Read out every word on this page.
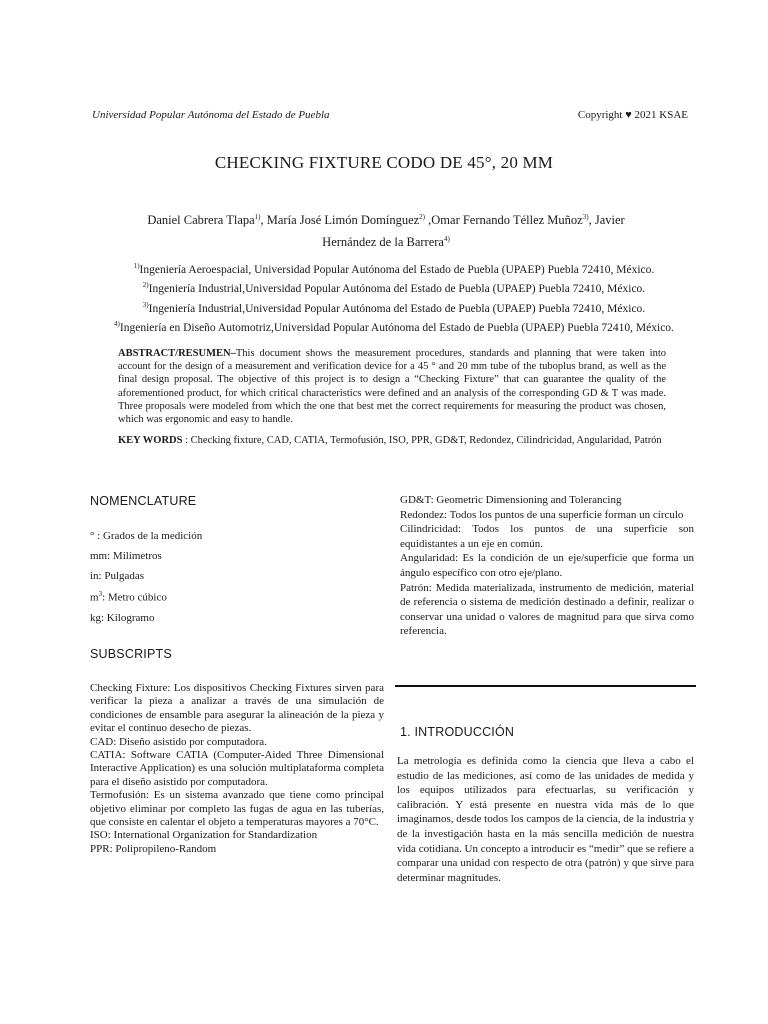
Universidad Popular Autónoma del Estado de Puebla	Copyright ♥ 2021 KSAE
CHECKING FIXTURE CODO DE 45°, 20 MM
Daniel Cabrera Tlapa$^{1)}$, María José Limón Domínguez$^{2)}$ ,Omar Fernando Téllez Muñoz$^{3)}$, Javier
Hernández de la Barrera$^{4)}$
$^{1)}$Ingeniería Aeroespacial, Universidad Popular Autónoma del Estado de Puebla (UPAEP) Puebla 72410, México.
$^{2)}$Ingeniería Industrial,Universidad Popular Autónoma del Estado de Puebla (UPAEP) Puebla 72410, México.
$^{3)}$Ingeniería Industrial,Universidad Popular Autónoma del Estado de Puebla (UPAEP) Puebla 72410, México.
$^{4)}$Ingeniería en Diseño Automotriz,Universidad Popular Autónoma del Estado de Puebla (UPAEP) Puebla 72410, México.
ABSTRACT/RESUMEN–This document shows the measurement procedures, standards and planning that were taken into account for the design of a measurement and verification device for a 45 ° and 20 mm tube of the tuboplus brand, as well as the final design proposal. The objective of this project is to design a “Checking Fixture” that can guarantee the quality of the aforementioned product, for which critical characteristics were defined and an analysis of the corresponding GD & T was made. Three proposals were modeled from which the one that best met the correct requirements for measuring the product was chosen, which was ergonomic and easy to handle.
KEY WORDS : Checking fixture, CAD, CATIA, Termofusión, ISO, PPR, GD&T, Redondez, Cilindricidad, Angularidad, Patrón
NOMENCLATURE
° : Grados de la medición
mm: Milímetros
in: Pulgadas
$m^3$: Metro cúbico
kg: Kilogramo
SUBSCRIPTS

Checking Fixture: Los dispositivos Checking Fixtures sirven para verificar la pieza a analizar a través de una simulación de condiciones de ensamble para asegurar la alineación de la pieza y evitar el continuo desecho de piezas.

CAD: Diseño asistido por computadora.

CATIA: Software CATIA (Computer-Aided Three Dimensional Interactive Application) es una solución multiplataforma completa para el diseño asistido por computadora.

Termofusión: Es un sistema avanzado que tiene como principal objetivo eliminar por completo las fugas de agua en las tuberías, que consiste en calentar el objeto a temperaturas mayores a 70°C.

ISO: International Organization for Standardization

PPR: Polipropileno-Random

GD&T: Geometric Dimensioning and Tolerancing

Redondez: Todos los puntos de una superficie forman un círculo

Cilindricidad: Todos los puntos de una superficie son equidistantes a un eje en común.

Angularidad: Es la condición de un eje/superficie que forma un ángulo específico con otro eje/plano.

Patrón: Medida materializada, instrumento de medición, material de referencia o sistema de medición destinado a definir, realizar o conservar una unidad o valores de magnitud para que sirva como referencia.

1. INTRODUCCIÓN
La metrología es definida como la ciencia que lleva a cabo el estudio de las mediciones, así como de las unidades de medida y los equipos utilizados para efectuarlas, su verificación y calibración. Y está presente en nuestra vida más de lo que imaginamos, desde todos los campos de la ciencia, de la industria y de la investigación hasta en la más sencilla medición de nuestra vida cotidiana. Un concepto a introducir es “medir” que se refiere a comparar una unidad con respecto de otra (patrón) y que sirve para determinar magnitudes.
